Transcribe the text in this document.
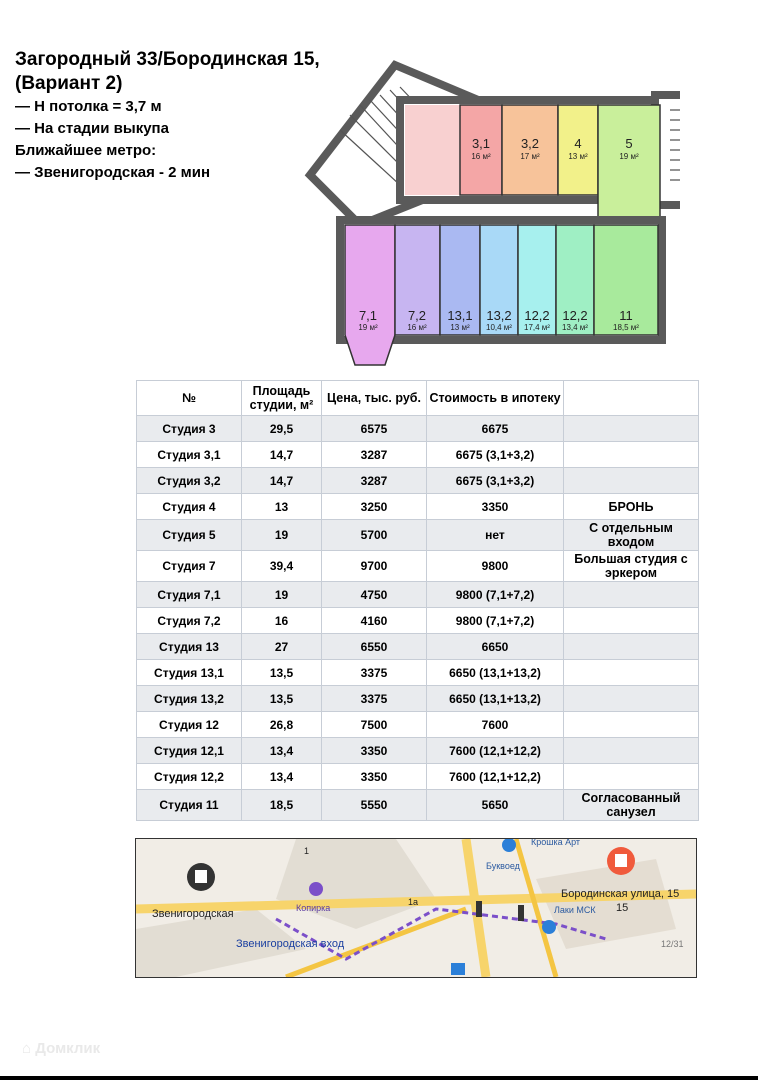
Загородный 33/Бородинская 15,
(Вариант 2)
— Н потолка = 3,7 м
— На стадии выкупа
Ближайшее метро:
— Звенигородская - 2 мин
3,1 3,2	4	5
7,1 7,2 13,1 13,2 12,2 12,2 11
16 м²	17 м²	13 м²	19 м²
19 м²	16 м²	13 м² 10,4 м² 17,4 м² 13,4 м²	18,5 м²
№	Площадь студии, м²	Цена, тыс. руб.	Стоимость в ипотеку	
Студия 3	29,5	6575	6675	
Студия 3,1	14,7	3287	6675 (3,1+3,2)	
Студия 3,2	14,7	3287	6675 (3,1+3,2)	
Студия 4	13	3250	3350	БРОНЬ
Студия 5	19	5700	нет	С отдельным входом
Студия 7	39,4	9700	9800	Большая студия с эркером
Студия 7,1	19	4750	9800 (7,1+7,2)	
Студия 7,2	16	4160	9800 (7,1+7,2)	
Студия 13	27	6550	6650	
Студия 13,1	13,5	3375	6650 (13,1+13,2)	
Студия 13,2	13,5	3375	6650 (13,1+13,2)	
Студия 12	26,8	7500	7600	
Студия 12,1	13,4	3350	7600 (12,1+12,2)	
Студия 12,2	13,4	3350	7600 (12,1+12,2)	
Студия 11	18,5	5550	5650	Согласованный санузел
Звенигородская
Звенигородская вход
Копирка
Буквоед
Крошка Арт
Лаки МСК
Бородинская улица, 15
1
1а	15
12/31
⌂ Домклик
